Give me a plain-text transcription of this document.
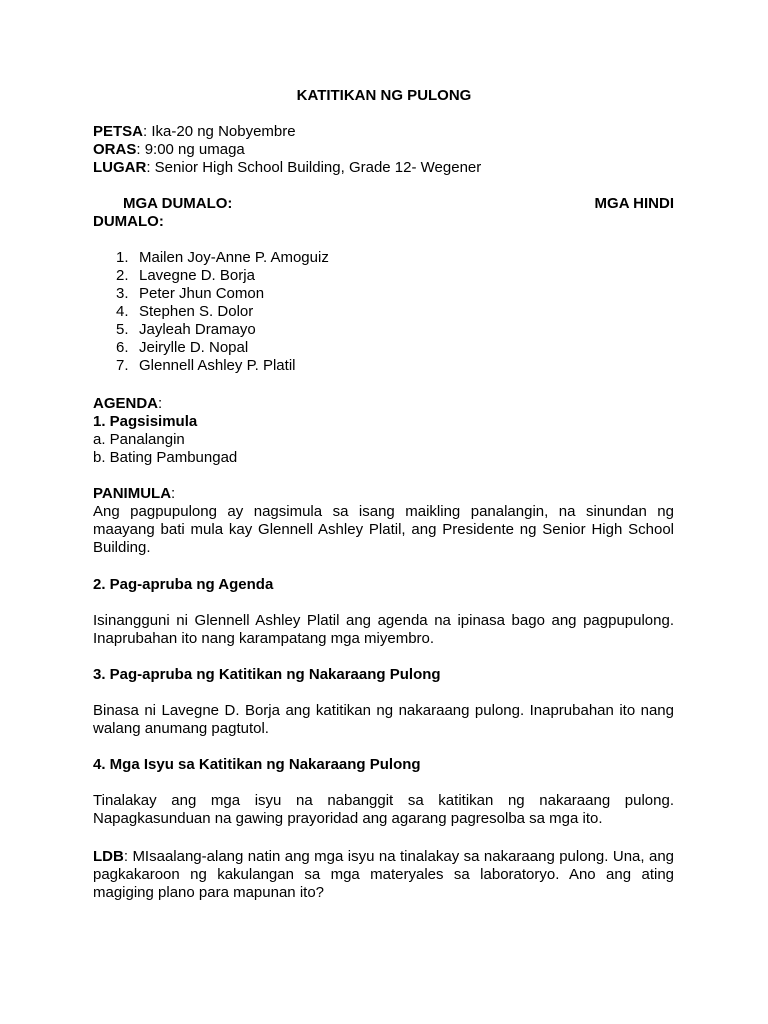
KATITIKAN NG PULONG
PETSA: Ika-20 ng Nobyembre
ORAS: 9:00 ng umaga
LUGAR: Senior High School Building, Grade 12- Wegener
MGA DUMALO:	MGA HINDI
DUMALO:
1. Mailen Joy-Anne P. Amoguiz
2. Lavegne D. Borja
3. Peter Jhun Comon
4. Stephen S. Dolor
5. Jayleah Dramayo
6. Jeirylle D. Nopal
7. Glennell Ashley P. Platil
AGENDA:
1. Pagsisimula
a. Panalangin
b. Bating Pambungad
PANIMULA:
Ang pagpupulong ay nagsimula sa isang maikling panalangin, na sinundan ng maayang bati mula kay Glennell Ashley Platil, ang Presidente ng Senior High School Building.
2. Pag-apruba ng Agenda
Isinangguni ni Glennell Ashley Platil ang agenda na ipinasa bago ang pagpupulong. Inaprubahan ito nang karampatang mga miyembro.
3. Pag-apruba ng Katitikan ng Nakaraang Pulong
Binasa ni Lavegne D. Borja ang katitikan ng nakaraang pulong. Inaprubahan ito nang walang anumang pagtutol.
4. Mga Isyu sa Katitikan ng Nakaraang Pulong
Tinalakay ang mga isyu na nabanggit sa katitikan ng nakaraang pulong. Napagkasunduan na gawing prayoridad ang agarang pagresolba sa mga ito.
LDB: MIsaalang-alang natin ang mga isyu na tinalakay sa nakaraang pulong. Una, ang pagkakaroon ng kakulangan sa mga materyales sa laboratoryo. Ano ang ating magiging plano para mapunan ito?
